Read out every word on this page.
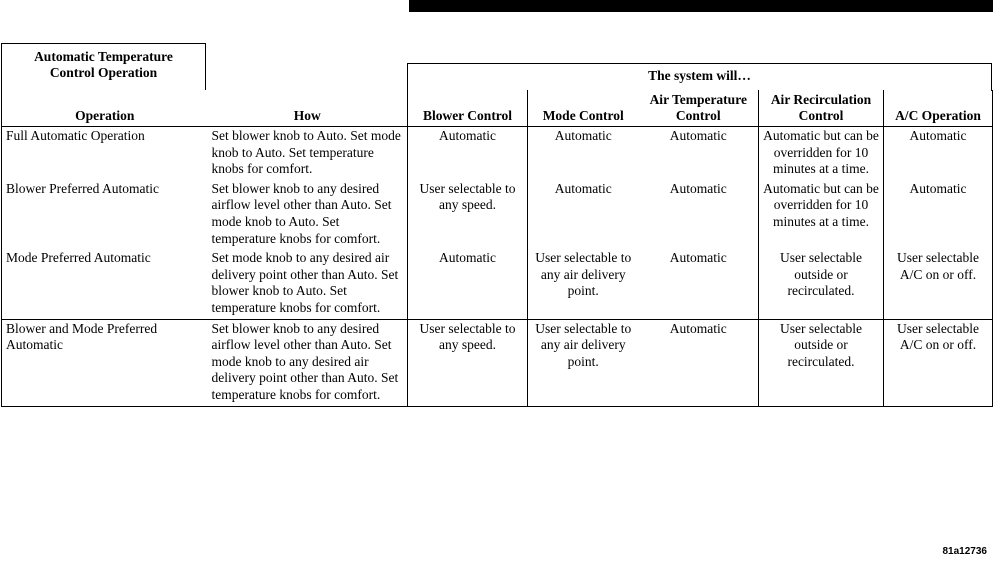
Automatic Temperature
Control Operation	The system will…
Operation	How	Blower Control	Mode Control	Air Temperature Control	Air Recirculation Control	A/C Operation
Full Automatic Operation	Set blower knob to Auto. Set mode knob to Auto. Set temperature knobs for comfort.	Automatic	Automatic	Automatic	Automatic but can be overridden for 10 minutes at a time.	Automatic
Blower Preferred Automatic	Set blower knob to any desired airflow level other than Auto. Set mode knob to Auto. Set temperature knobs for comfort.	User selectable to any speed.	Automatic	Automatic	Automatic but can be overridden for 10 minutes at a time.	Automatic
Mode Preferred Automatic	Set mode knob to any desired air delivery point other than Auto. Set blower knob to Auto. Set temperature knobs for comfort.	Automatic	User selectable to any air delivery point.	Automatic	User selectable outside or recirculated.	User selectable A/C on or off.
Blower and Mode Preferred Automatic	Set blower knob to any desired airflow level other than Auto. Set mode knob to any desired air delivery point other than Auto. Set temperature knobs for comfort.	User selectable to any speed.	User selectable to any air delivery point.	Automatic	User selectable outside or recirculated.	User selectable A/C on or off.
81a12736
